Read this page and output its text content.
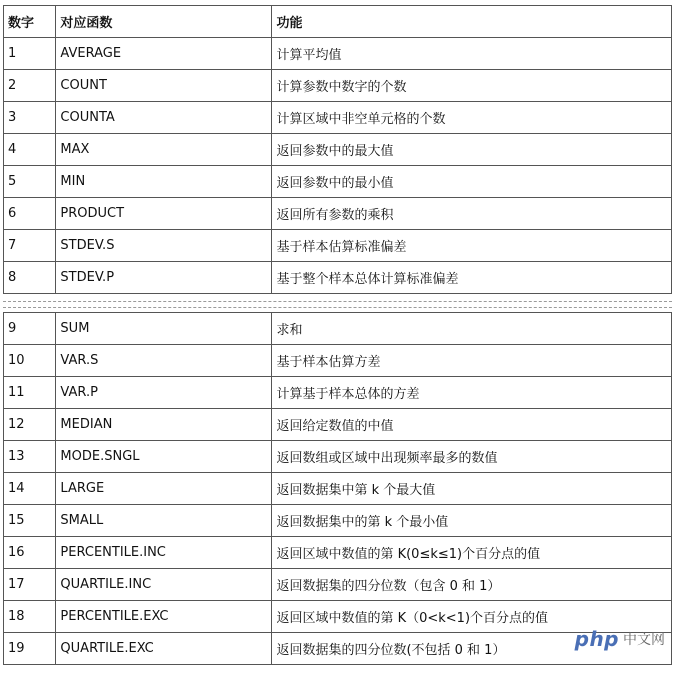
数字	对应函数	功能
1	AVERAGE	计算平均值
2	COUNT	计算参数中数字的个数
3	COUNTA	计算区域中非空单元格的个数
4	MAX	返回参数中的最大值
5	MIN	返回参数中的最小值
6	PRODUCT	返回所有参数的乘积
7	STDEV.S	基于样本估算标准偏差
8	STDEV.P	基于整个样本总体计算标准偏差
9	SUM	求和
10	VAR.S	基于样本估算方差
11	VAR.P	计算基于样本总体的方差
12	MEDIAN	返回给定数值的中值
13	MODE.SNGL	返回数组或区域中出现频率最多的数值
14	LARGE	返回数据集中第 k 个最大值
15	SMALL	返回数据集中的第 k 个最小值
16	PERCENTILE.INC	返回区域中数值的第 K(0≤k≤1)个百分点的值
17	QUARTILE.INC	返回数据集的四分位数（包含 0 和 1）
18	PERCENTILE.EXC	返回区域中数值的第 K（0<k<1)个百分点的值
19	QUARTILE.EXC	返回数据集的四分位数(不包括 0 和 1）	php 中文网
